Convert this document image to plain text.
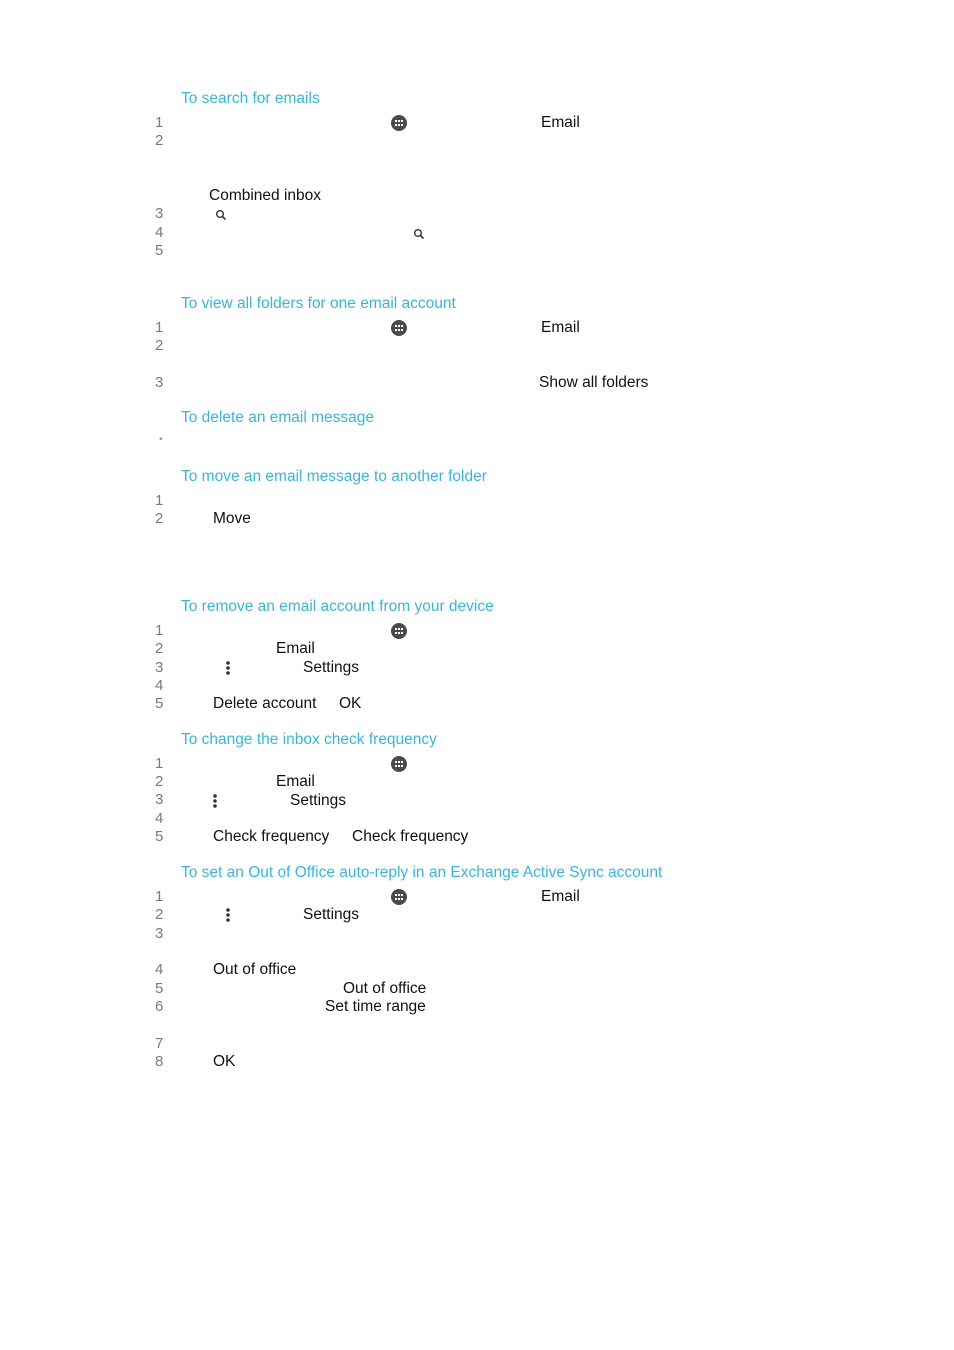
To search for emails
1	Email
2
Combined inbox
3
4
5
To view all folders for one email account
1	Email
2
3	Show all folders
To delete an email message
•
To move an email message to another folder
1
2	Move
To remove an email account from your device
1
2	Email
3	Settings
4
5	Delete account OK
To change the inbox check frequency
1
2	Email
3	Settings
4
5	Check frequency Check frequency
To set an Out of Office auto-reply in an Exchange Active Sync account
1	Email
2	Settings
3
4	Out of office
5	Out of office
6	Set time range
7
8	OK
